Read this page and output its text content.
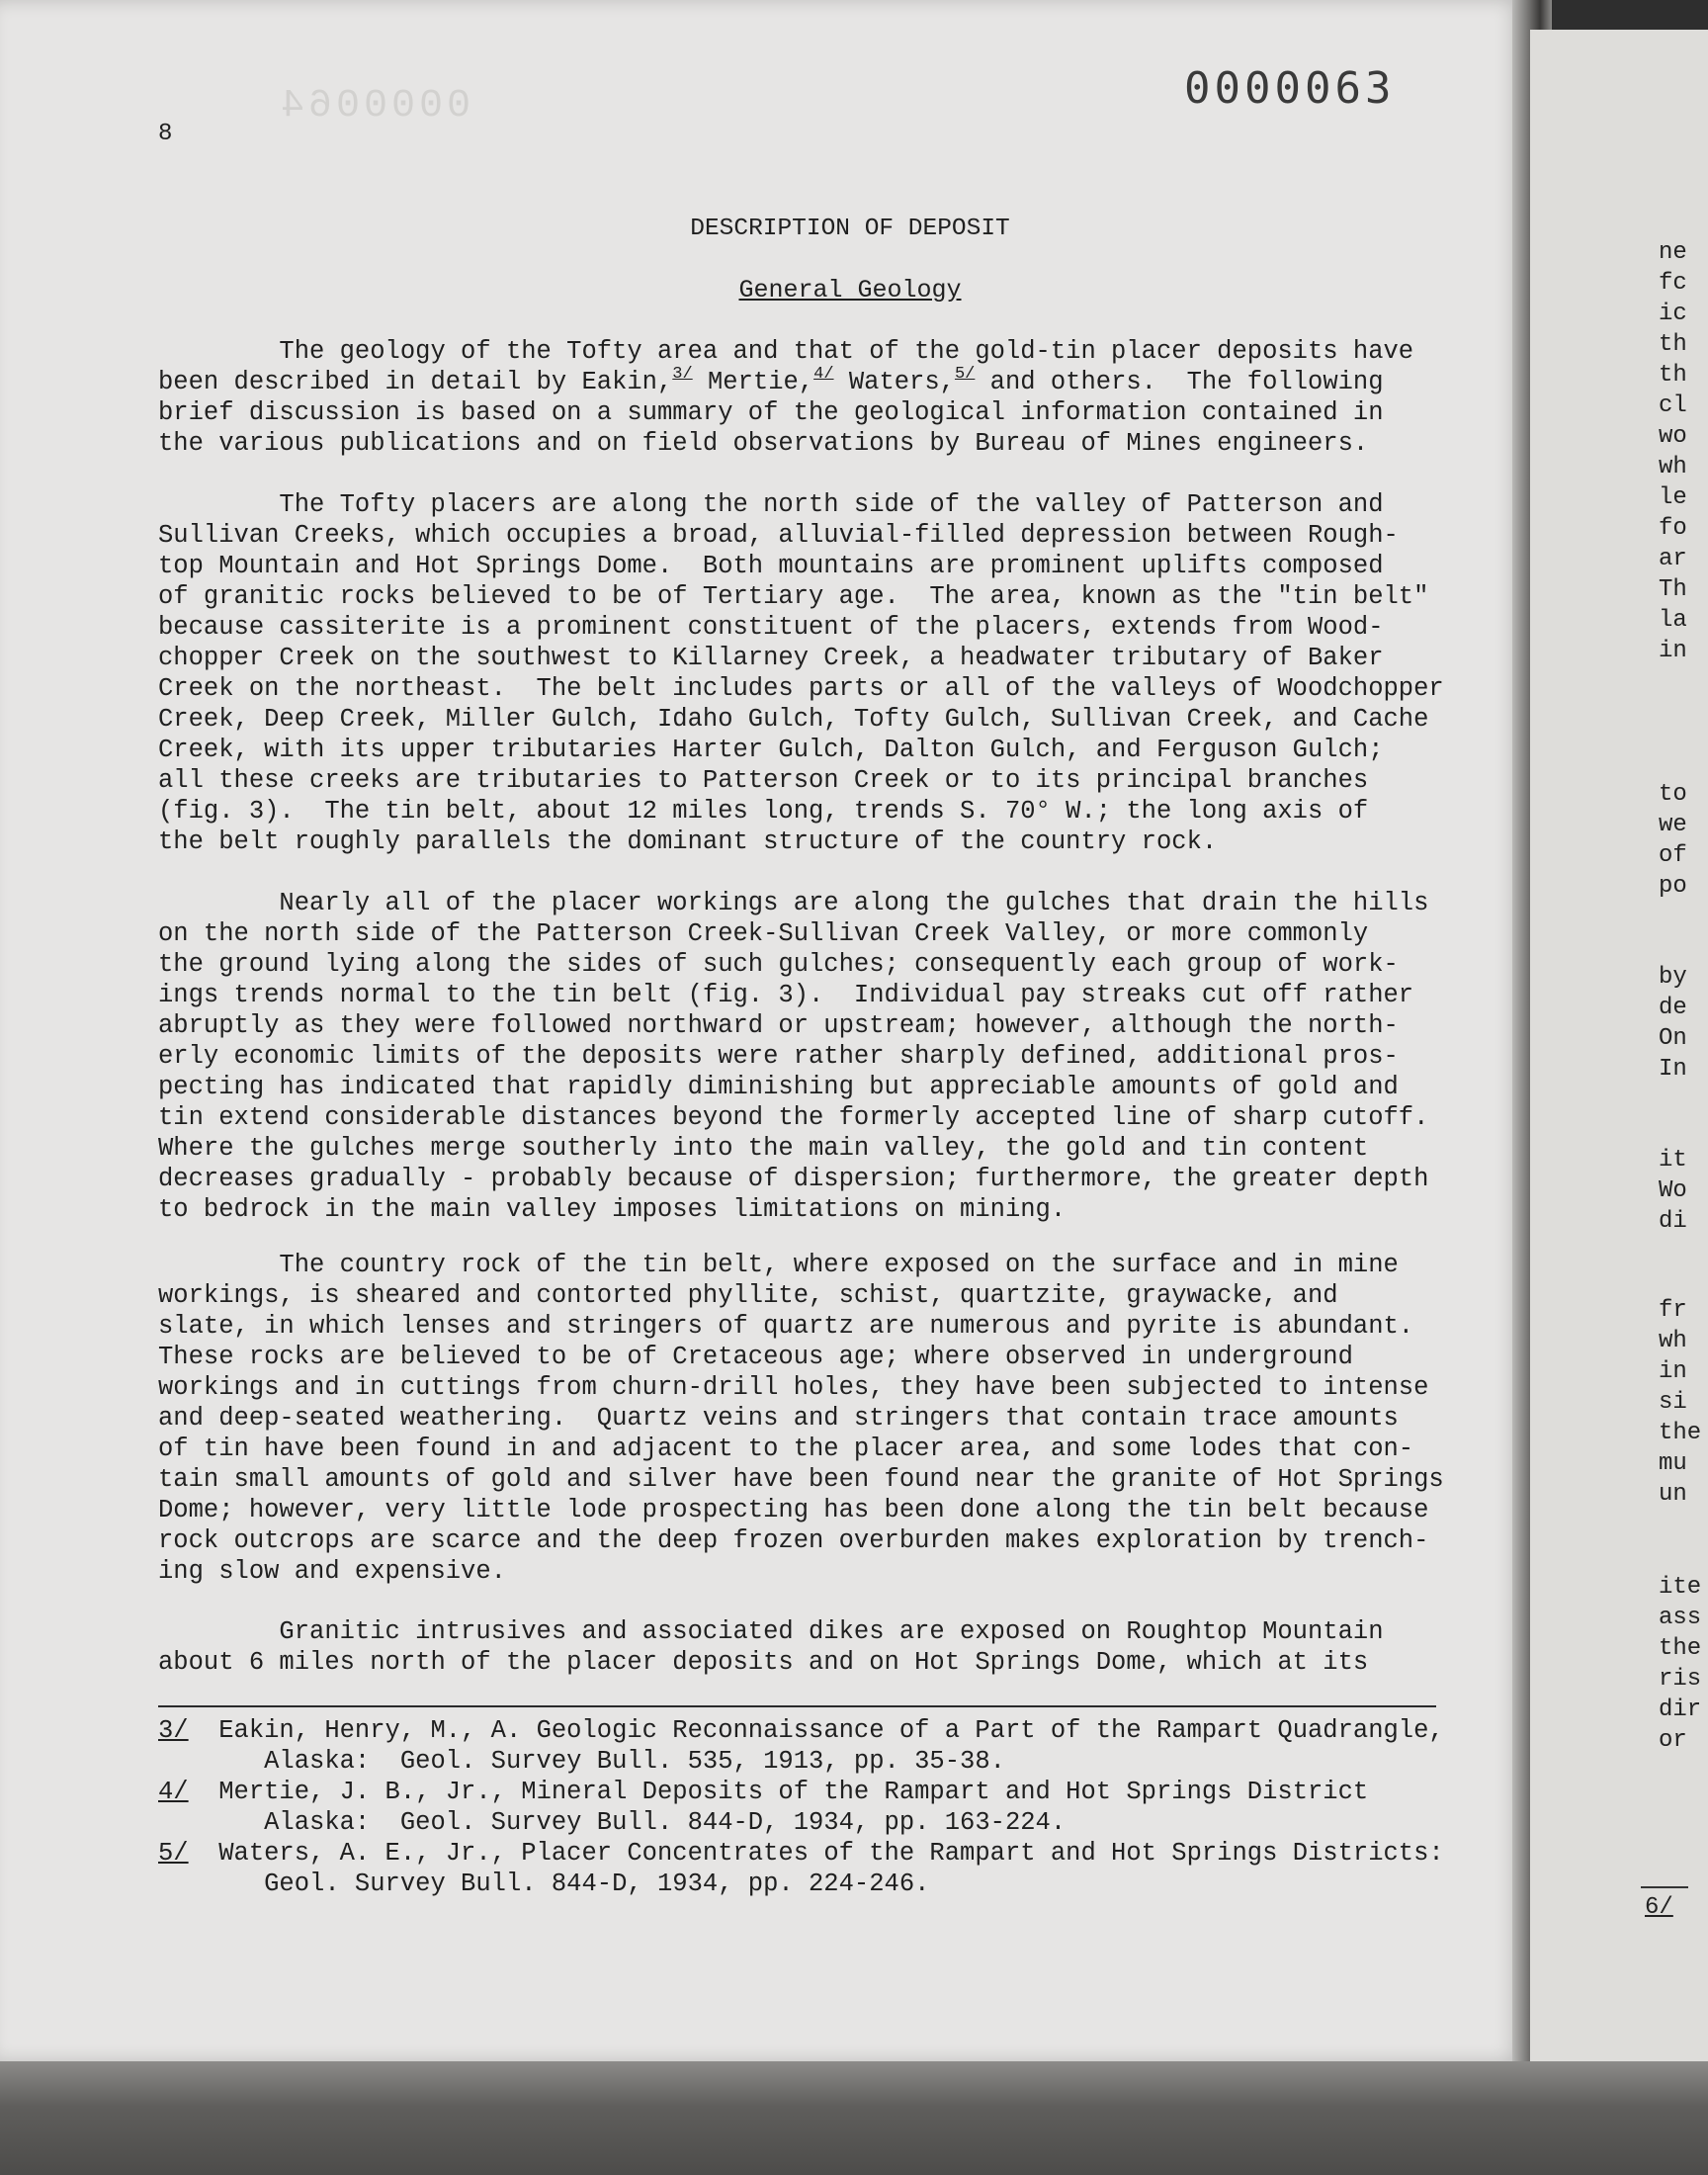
0000064
8
0000063
DESCRIPTION OF DEPOSIT
General Geology
The geology of the Tofty area and that of the gold-tin placer deposits have
been described in detail by Eakin,$^{3/}$ Mertie,$^{4/}$ Waters,$^{5/}$ and others.  The following
brief discussion is based on a summary of the geological information contained in
the various publications and on field observations by Bureau of Mines engineers.
The Tofty placers are along the north side of the valley of Patterson and
Sullivan Creeks, which occupies a broad, alluvial-filled depression between Rough-
top Mountain and Hot Springs Dome.  Both mountains are prominent uplifts composed
of granitic rocks believed to be of Tertiary age.  The area, known as the "tin belt"
because cassiterite is a prominent constituent of the placers, extends from Wood-
chopper Creek on the southwest to Killarney Creek, a headwater tributary of Baker
Creek on the northeast.  The belt includes parts or all of the valleys of Woodchopper
Creek, Deep Creek, Miller Gulch, Idaho Gulch, Tofty Gulch, Sullivan Creek, and Cache
Creek, with its upper tributaries Harter Gulch, Dalton Gulch, and Ferguson Gulch;
all these creeks are tributaries to Patterson Creek or to its principal branches
(fig. 3).  The tin belt, about 12 miles long, trends S. 70° W.; the long axis of
the belt roughly parallels the dominant structure of the country rock.
Nearly all of the placer workings are along the gulches that drain the hills
on the north side of the Patterson Creek-Sullivan Creek Valley, or more commonly
the ground lying along the sides of such gulches; consequently each group of work-
ings trends normal to the tin belt (fig. 3).  Individual pay streaks cut off rather
abruptly as they were followed northward or upstream; however, although the north-
erly economic limits of the deposits were rather sharply defined, additional pros-
pecting has indicated that rapidly diminishing but appreciable amounts of gold and
tin extend considerable distances beyond the formerly accepted line of sharp cutoff.
Where the gulches merge southerly into the main valley, the gold and tin content
decreases gradually - probably because of dispersion; furthermore, the greater depth
to bedrock in the main valley imposes limitations on mining.
The country rock of the tin belt, where exposed on the surface and in mine
workings, is sheared and contorted phyllite, schist, quartzite, graywacke, and
slate, in which lenses and stringers of quartz are numerous and pyrite is abundant.
These rocks are believed to be of Cretaceous age; where observed in underground
workings and in cuttings from churn-drill holes, they have been subjected to intense
and deep-seated weathering.  Quartz veins and stringers that contain trace amounts
of tin have been found in and adjacent to the placer area, and some lodes that con-
tain small amounts of gold and silver have been found near the granite of Hot Springs
Dome; however, very little lode prospecting has been done along the tin belt because
rock outcrops are scarce and the deep frozen overburden makes exploration by trench-
ing slow and expensive.
Granitic intrusives and associated dikes are exposed on Roughtop Mountain
about 6 miles north of the placer deposits and on Hot Springs Dome, which at its
3/  Eakin, Henry, M., A. Geologic Reconnaissance of a Part of the Rampart Quadrangle,
Alaska:  Geol. Survey Bull. 535, 1913, pp. 35-38.
4/  Mertie, J. B., Jr., Mineral Deposits of the Rampart and Hot Springs District
Alaska:  Geol. Survey Bull. 844-D, 1934, pp. 163-224.
5/  Waters, A. E., Jr., Placer Concentrates of the Rampart and Hot Springs Districts:
Geol. Survey Bull. 844-D, 1934, pp. 224-246.
ne
fc
ic
th
th
cl
wo
wh
le
fo
ar
Th
la
in
to
we
of
po
by
de
On
In
it
Wo
di
fr
wh
in
si
the
mu
un
ite
ass
the
ris
dir
or
6/
